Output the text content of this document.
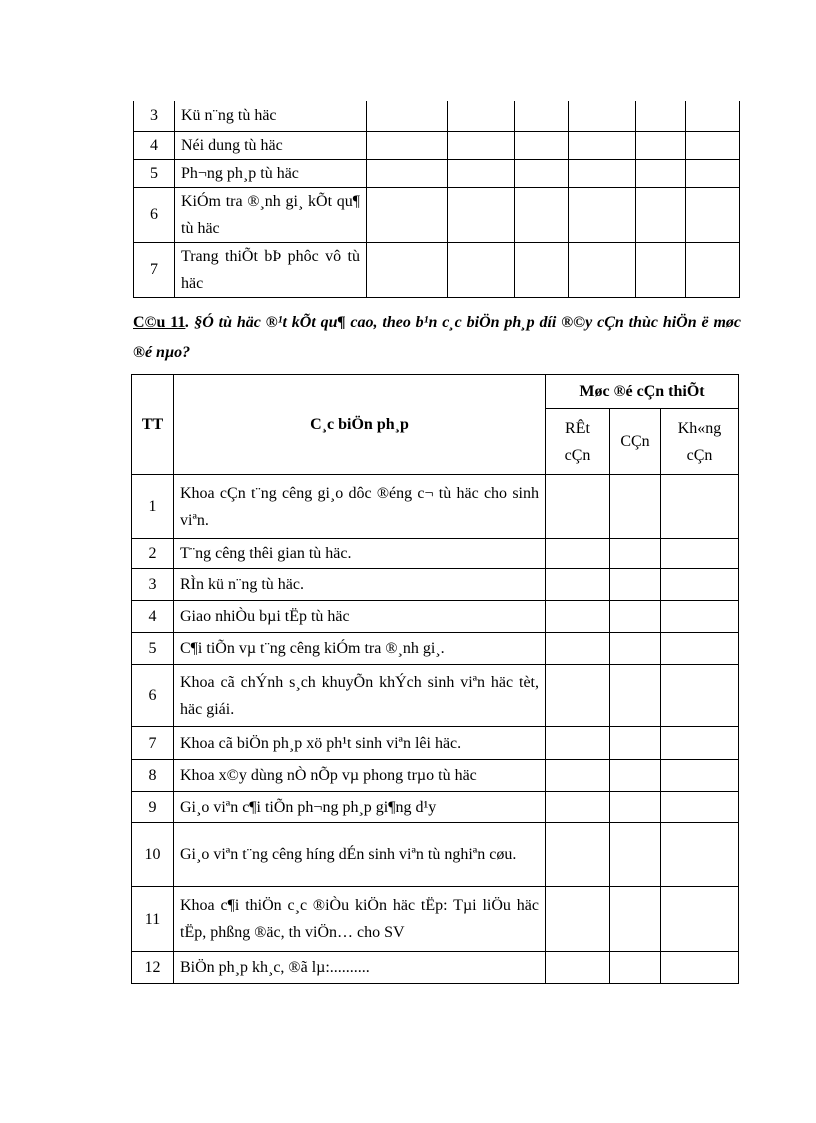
3	Kü n¨ng tù häc						
4	Néi dung tù häc						
5	Ph¬ng ph¸p tù häc						
6	KiÓm tra ®¸nh gi¸ kÕt qu¶ tù häc						
7	Trang thiÕt bÞ phôc vô tù häc						
C©u 11. §Ó tù häc ®¹t kÕt qu¶ cao, theo b¹n c¸c biÖn ph¸p díi ®©y cÇn thùc hiÖn ë møc ®é nµo?
TT	C¸c biÖn ph¸p	Møc ®é cÇn thiÕt		
		RÊt cÇn	CÇn	Kh«ng cÇn
1	Khoa cÇn t¨ng cêng gi¸o dôc ®éng c¬ tù häc cho sinh viªn.			
2	T¨ng cêng thêi gian tù häc.			
3	RÌn kü n¨ng tù häc.			
4	Giao nhiÒu bµi tËp tù häc			
5	C¶i tiÕn vµ t¨ng cêng kiÓm tra ®¸nh gi¸.			
6	Khoa cã chÝnh s¸ch khuyÕn khÝch sinh viªn häc tèt, häc giái.			
7	Khoa cã biÖn ph¸p xö ph¹t sinh viªn lêi häc.			
8	Khoa x©y dùng nÒ nÕp vµ phong trµo tù häc			
9	Gi¸o viªn c¶i tiÕn ph¬ng ph¸p gi¶ng d¹y			
10	Gi¸o viªn t¨ng cêng híng dÉn sinh viªn tù nghiªn cøu.			
11	Khoa c¶i thiÖn c¸c ®iÒu kiÖn häc tËp: Tµi liÖu häc tËp, phßng ®äc, th viÖn… cho SV			
12	BiÖn ph¸p kh¸c, ®ã lµ:..........			
